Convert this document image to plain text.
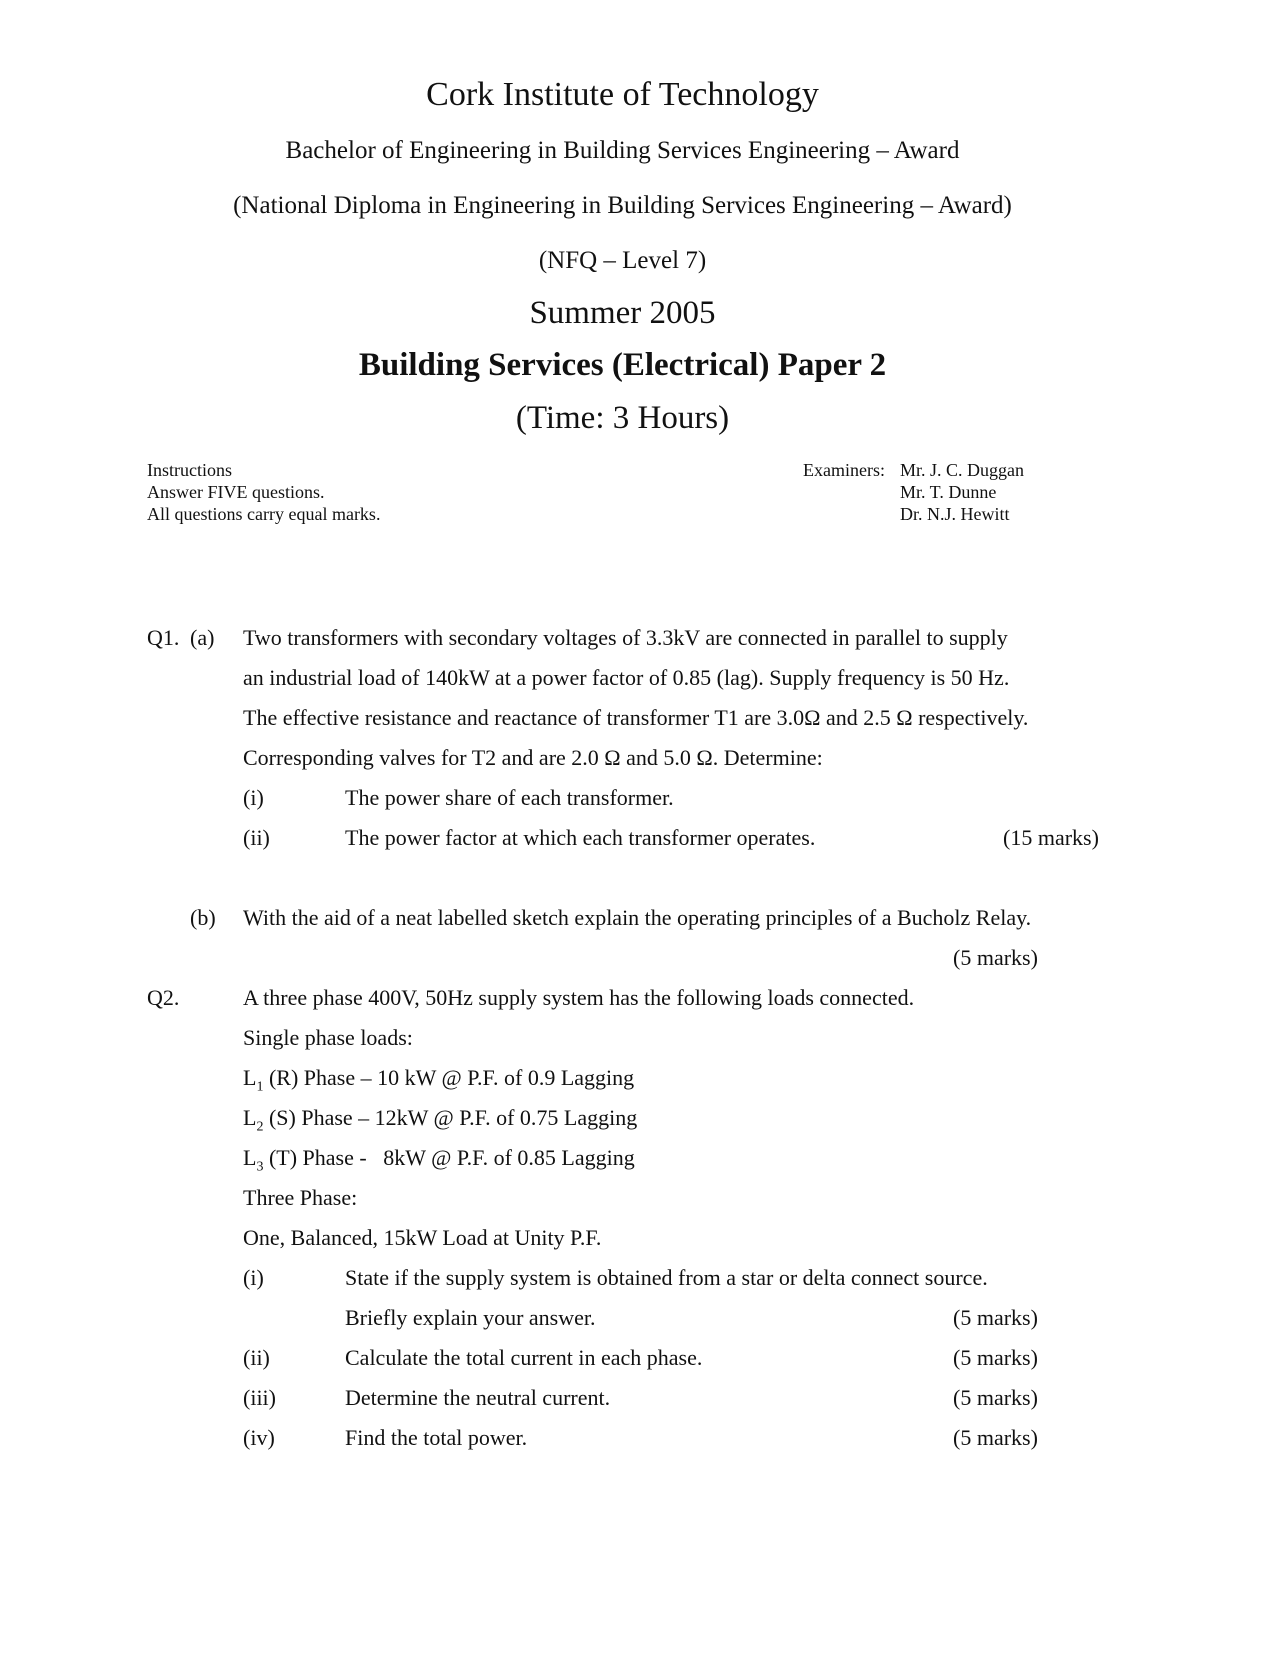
Cork Institute of Technology
Bachelor of Engineering in Building Services Engineering – Award
(National Diploma in Engineering in Building Services Engineering – Award)
(NFQ – Level 7)
Summer 2005
Building Services (Electrical) Paper 2
(Time: 3 Hours)
Instructions
Answer FIVE questions.
All questions carry equal marks.
Examiners: Mr. J. C. Duggan
Mr. T. Dunne
Dr. N.J. Hewitt
Q1. (a) Two transformers with secondary voltages of 3.3kV are connected in parallel to supply
an industrial load of 140kW at a power factor of 0.85 (lag). Supply frequency is 50 Hz.
The effective resistance and reactance of transformer T1 are 3.0Ω and 2.5 Ω respectively.
Corresponding valves for T2 and are 2.0 Ω and 5.0 Ω. Determine:
(i)	The power share of each transformer.
(ii)	The power factor at which each transformer operates.	(15 marks)
(b) With the aid of a neat labelled sketch explain the operating principles of a Bucholz Relay.
(5 marks)
Q2.	A three phase 400V, 50Hz supply system has the following loads connected.
Single phase loads:
$L_1$ (R) Phase – 10 kW @ P.F. of 0.9 Lagging
$L_2$ (S) Phase – 12kW @ P.F. of 0.75 Lagging
$L_3$ (T) Phase -   8kW @ P.F. of 0.85 Lagging
Three Phase:
One, Balanced, 15kW Load at Unity P.F.
(i)	State if the supply system is obtained from a star or delta connect source.
Briefly explain your answer.	(5 marks)
(ii)	Calculate the total current in each phase.	(5 marks)
(iii)	Determine the neutral current.	(5 marks)
(iv)	Find the total power.	(5 marks)
